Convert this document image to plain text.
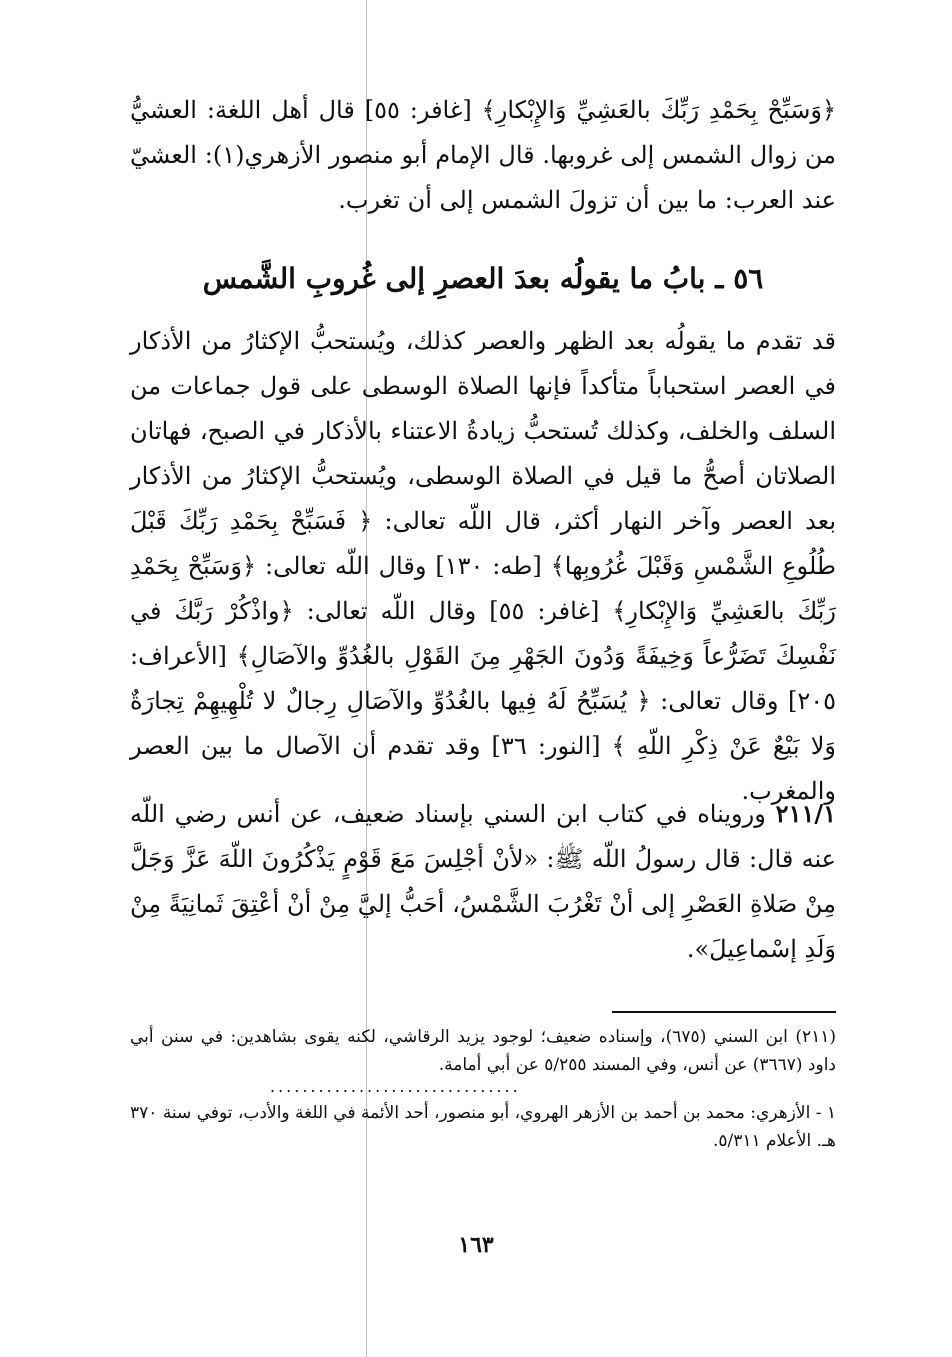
﴿وَسَبِّحْ بِحَمْدِ رَبِّكَ بالعَشِيِّ وَالإِبْكارِ﴾ [غافر: ٥٥] قال أهل اللغة: العشيُّ من زوال الشمس إلى غروبها. قال الإمام أبو منصور الأزهري(١): العشيّ عند العرب: ما بين أن تزولَ الشمس إلى أن تغرب.

٥٦ ـ بابُ ما يقولُه بعدَ العصرِ إلى غُروبِ الشَّمس

قد تقدم ما يقولُه بعد الظهر والعصر كذلك، ويُستحبُّ الإكثارُ من الأذكار في العصر استحباباً متأكداً فإنها الصلاة الوسطى على قول جماعات من السلف والخلف، وكذلك تُستحبُّ زيادةُ الاعتناء بالأذكار في الصبح، فهاتان الصلاتان أصحُّ ما قيل في الصلاة الوسطى، ويُستحبُّ الإكثارُ من الأذكار بعد العصر وآخر النهار أكثر، قال اللّه تعالى: ﴿ فَسَبِّحْ بِحَمْدِ رَبِّكَ قَبْلَ طُلُوعِ الشَّمْسِ وَقَبْلَ غُرُوبِها﴾ [طه: ١٣٠] وقال اللّه تعالى: ﴿وَسَبِّحْ بِحَمْدِ رَبِّكَ بالعَشِيِّ وَالإِبْكارِ﴾ [غافر: ٥٥] وقال اللّه تعالى: ﴿واذْكُرْ رَبَّكَ في نَفْسِكَ تَضَرُّعاً وَخِيفَةً وَدُونَ الجَهْرِ مِنَ القَوْلِ بالغُدُوِّ والآصَالِ﴾ [الأعراف: ٢٠٥] وقال تعالى: ﴿ يُسَبِّحُ لَهُ فِيها بالغُدُوِّ والآصَالِ رِجالٌ لا تُلْهِيهِمْ تِجارَةٌ وَلا بَيْعٌ عَنْ ذِكْرِ اللّهِ ﴾ [النور: ٣٦] وقد تقدم أن الآصال ما بين العصر والمغرب.

٢١١/١ ورويناه في كتاب ابن السني بإسناد ضعيف، عن أنس رضي اللّه عنه قال: قال رسولُ اللّه ﷺ: «لأنْ أجْلِسَ مَعَ قَوْمٍ يَذْكُرُونَ اللّهَ عَزَّ وَجَلَّ مِنْ صَلاةِ العَصْرِ إلى أنْ تَغْرُبَ الشَّمْسُ، أحَبُّ إليَّ مِنْ أنْ أعْتِقَ ثَمانِيَةً مِنْ وَلَدِ إسْماعِيلَ».

(٢١١) ابن السني (٦٧٥)، وإسناده ضعيف؛ لوجود يزيد الرقاشي، لكنه يقوى بشاهدين: في سنن أبي داود (٣٦٦٧) عن أنس، وفي المسند ٥/٢٥٥ عن أبي أمامة.

...............................

١ - الأزهري: محمد بن أحمد بن الأزهر الهروي، أبو منصور، أحد الأئمة في اللغة والأدب، توفي سنة ٣٧٠ هـ. الأعلام ٥/٣١١.

١٦٣
